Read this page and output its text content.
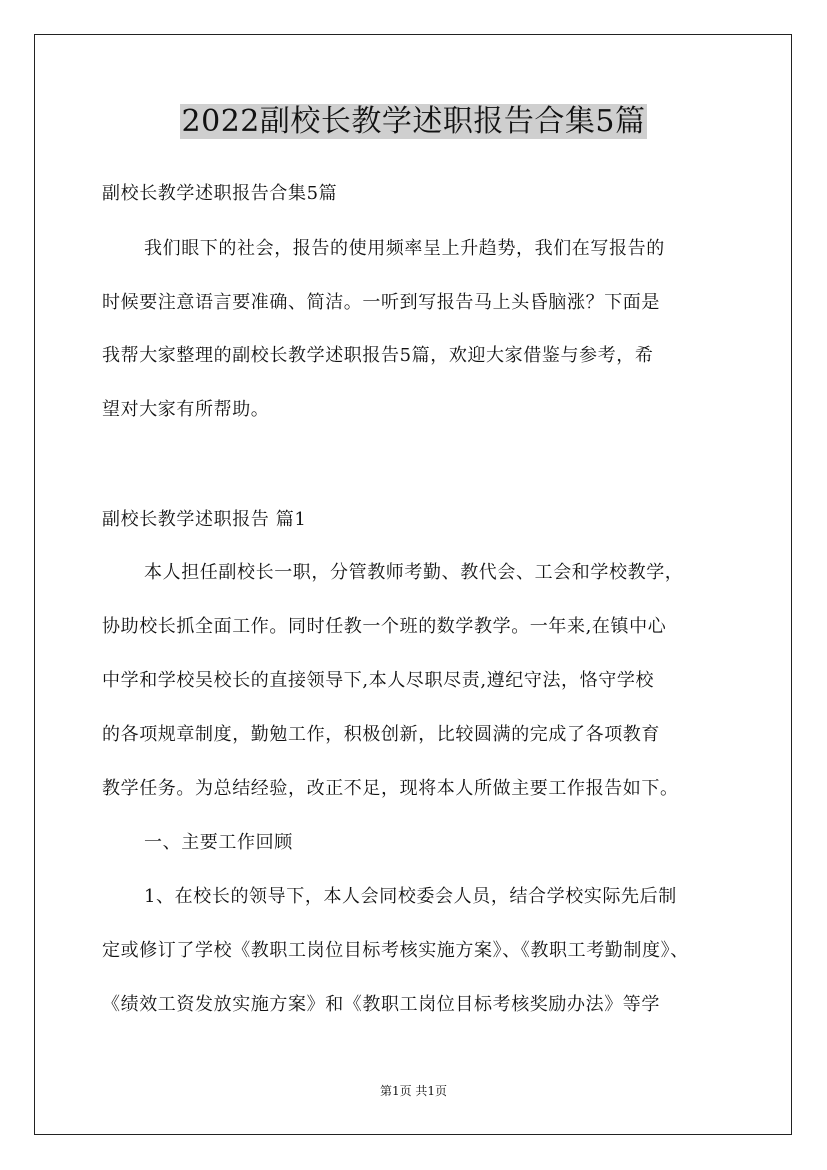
2022副校长教学述职报告合集5篇
副校长教学述职报告合集5篇
我们眼下的社会，报告的使用频率呈上升趋势，我们在写报告的
时候要注意语言要准确、简洁。一听到写报告马上头昏脑涨？下面是
我帮大家整理的副校长教学述职报告5篇，欢迎大家借鉴与参考，希
望对大家有所帮助。
副校长教学述职报告 篇1
本人担任副校长一职，分管教师考勤、教代会、工会和学校教学，
协助校长抓全面工作。同时任教一个班的数学教学。一年来,在镇中心
中学和学校吴校长的直接领导下,本人尽职尽责,遵纪守法，恪守学校
的各项规章制度，勤勉工作，积极创新，比较圆满的完成了各项教育
教学任务。为总结经验，改正不足，现将本人所做主要工作报告如下。
一、主要工作回顾
1、在校长的领导下，本人会同校委会人员，结合学校实际先后制
定或修订了学校《教职工岗位目标考核实施方案》、《教职工考勤制度》、
《绩效工资发放实施方案》和《教职工岗位目标考核奖励办法》等学
第1页 共1页
